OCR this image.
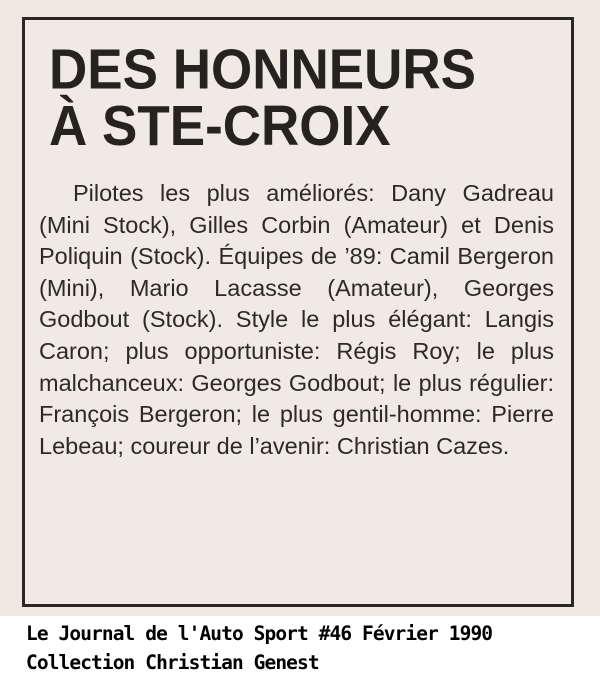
DES HONNEURS
À STE-CROIX

Pilotes les plus améliorés: Dany Gadreau (Mini Stock), Gilles Corbin (Amateur) et Denis Poliquin (Stock). Équipes de ’89: Camil Bergeron (Mini), Mario Lacasse (Amateur), Georges Godbout (Stock). Style le plus élégant: Langis Caron; plus opportuniste: Régis Roy; le plus malchanceux: Georges Godbout; le plus régulier: François Bergeron; le plus gentil-homme: Pierre Lebeau; coureur de l’avenir: Christian Cazes.

Le Journal de l'Auto Sport #46 Février 1990
Collection Christian Genest
